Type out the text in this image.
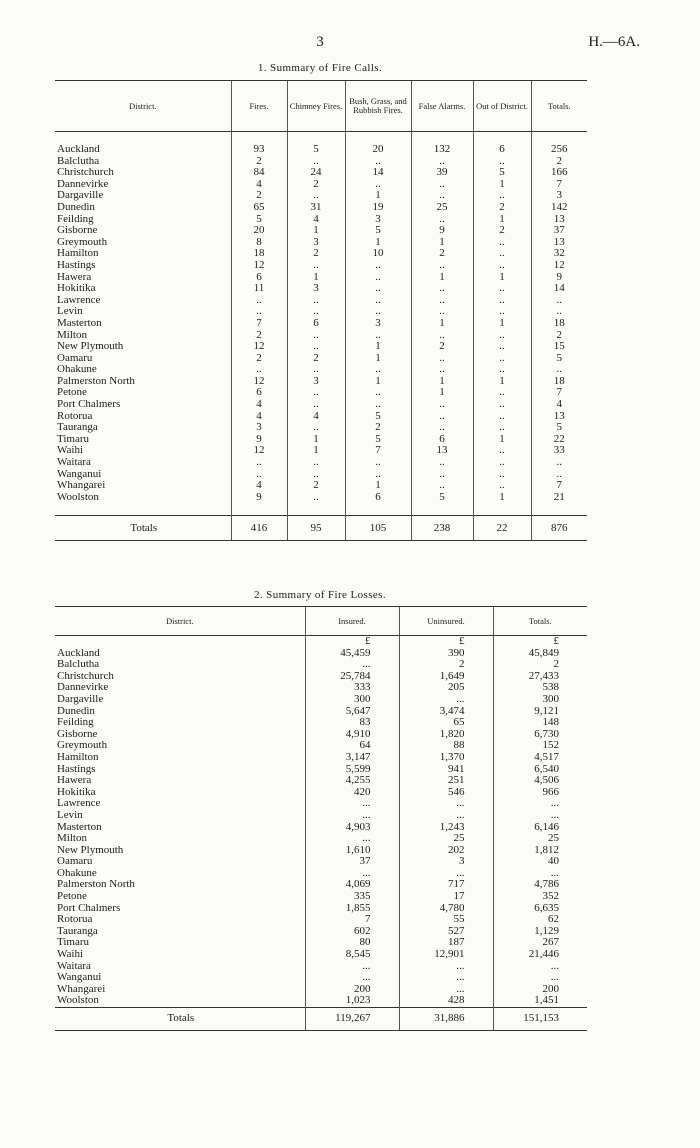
3	H.—6A.
1. Summary of Fire Calls.
District.	Fires.	Chimney Fires.	Bush, Grass, and Rubbish Fires.	False Alarms.	Out of District.	Totals.

Auckland	93	5	20	132	6	256
Balclutha	2	..	..	..	..	2
Christchurch	84	24	14	39	5	166
Dannevirke	4	2	..	..	1	7
Dargaville	2	..	1	..	..	3
Dunedin	65	31	19	25	2	142
Feilding	5	4	3	..	1	13
Gisborne	20	1	5	9	2	37
Greymouth	8	3	1	1	..	13
Hamilton	18	2	10	2	..	32
Hastings	12	..	..	..	..	12
Hawera	6	1	..	1	1	9
Hokitika	11	3	..	..	..	14
Lawrence	..	..	..	..	..	..
Levin	..	..	..	..	..	..
Masterton	7	6	3	1	1	18
Milton	2	..	..	..	..	2
New Plymouth	12	..	1	2	..	15
Oamaru	2	2	1	..	..	5
Ohakune	..	..	..	..	..	..
Palmerston North	12	3	1	1	1	18
Petone	6	..	..	1	..	7
Port Chalmers	4	..	..	..	..	4
Rotorua	4	4	5	..	..	13
Tauranga	3	..	2	..	..	5
Timaru	9	1	5	6	1	22
Waihi	12	1	7	13	..	33
Waitara	..	..	..	..	..	..
Wanganui	..	..	..	..	..	..
Whangarei	4	2	1	..	..	7
Woolston	9	..	6	5	1	21

Totals	416	95	105	238	22	876
2. Summary of Fire Losses.
District.	Insured.	Uninsured.	Totals.
	£	£	£
Auckland	45,459	390	45,849
Balclutha	...	2	2
Christchurch	25,784	1,649	27,433
Dannevirke	333	205	538
Dargaville	300	...	300
Dunedin	5,647	3,474	9,121
Feilding	83	65	148
Gisborne	4,910	1,820	6,730
Greymouth	64	88	152
Hamilton	3,147	1,370	4,517
Hastings	5,599	941	6,540
Hawera	4,255	251	4,506
Hokitika	420	546	966
Lawrence	...	...	...
Levin	...	...	...
Masterton	4,903	1,243	6,146
Milton	...	25	25
New Plymouth	1,610	202	1,812
Oamaru	37	3	40
Ohakune	...	...	...
Palmerston North	4,069	717	4,786
Petone	335	17	352
Port Chalmers	1,855	4,780	6,635
Rotorua	7	55	62
Tauranga	602	527	1,129
Timaru	80	187	267
Waihi	8,545	12,901	21,446
Waitara	...	...	...
Wanganui	...	...	...
Whangarei	200	...	200
Woolston	1,023	428	1,451
Totals	119,267	31,886	151,153
